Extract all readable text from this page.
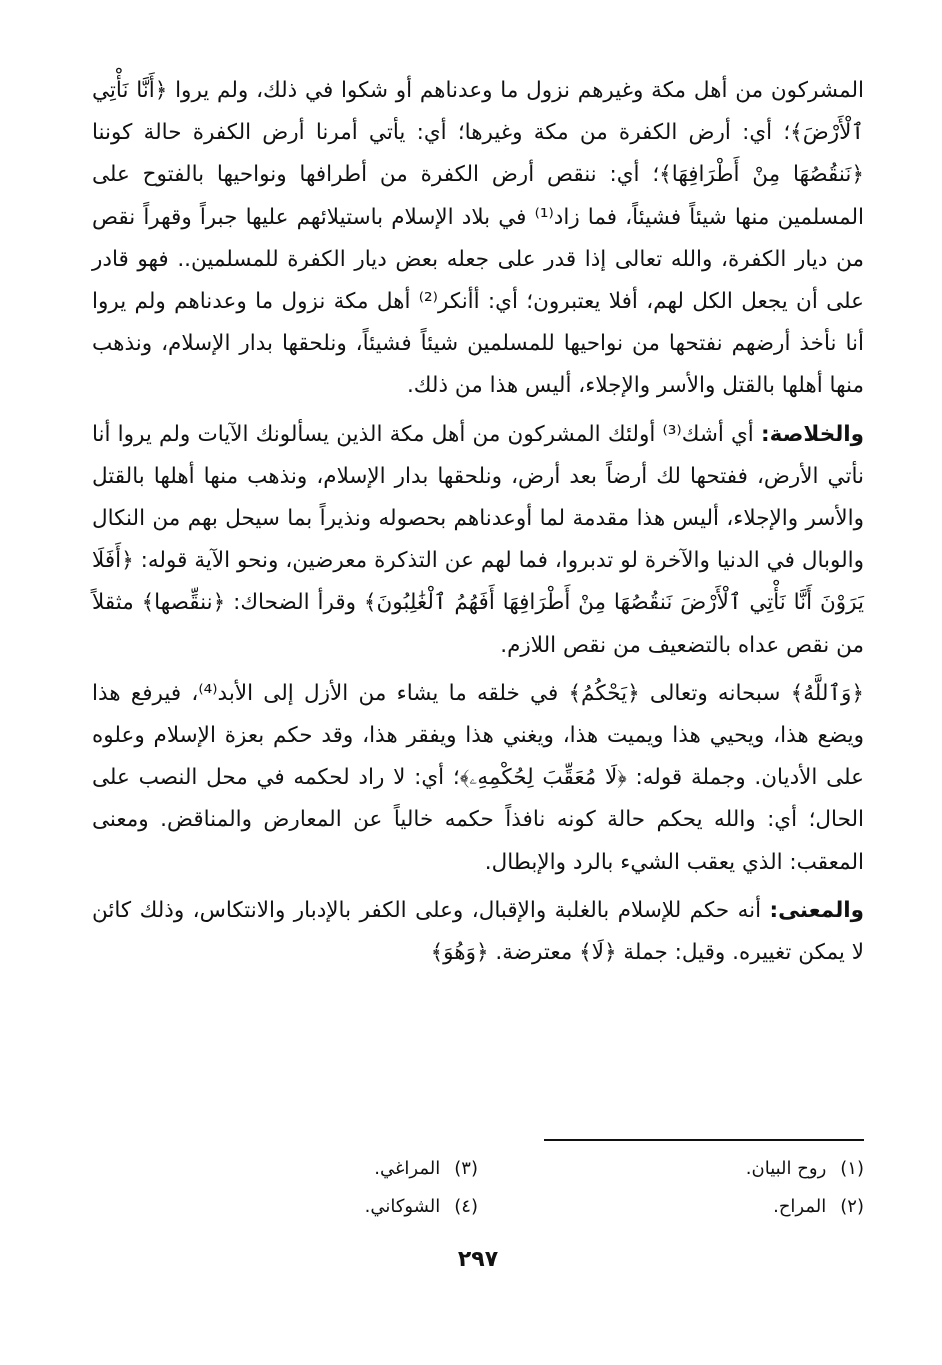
المشركون من أهل مكة وغيرهم نزول ما وعدناهم أو شكوا في ذلك، ولم يروا ﴿أَنَّا نَأْتِي ٱلْأَرْضَ﴾؛ أي: أرض الكفرة من مكة وغيرها؛ أي: يأتي أمرنا أرض الكفرة حالة كوننا ﴿نَنقُصُهَا مِنْ أَطْرَافِهَا﴾؛ أي: ننقص أرض الكفرة من أطرافها ونواحيها بالفتوح على المسلمين منها شيئاً فشيئاً، فما زاد⁽¹⁾ في بلاد الإسلام باستيلائهم عليها جبراً وقهراً نقص من ديار الكفرة، والله تعالى إذا قدر على جعله بعض ديار الكفرة للمسلمين.. فهو قادر على أن يجعل الكل لهم، أفلا يعتبرون؛ أي: أأنكر⁽²⁾ أهل مكة نزول ما وعدناهم ولم يروا أنا نأخذ أرضهم نفتحها من نواحيها للمسلمين شيئاً فشيئاً، ونلحقها بدار الإسلام، ونذهب منها أهلها بالقتل والأسر والإجلاء، أليس هذا من ذلك.

والخلاصة: أي أشك⁽³⁾ أولئك المشركون من أهل مكة الذين يسألونك الآيات ولم يروا أنا نأتي الأرض، ففتحها لك أرضاً بعد أرض، ونلحقها بدار الإسلام، ونذهب منها أهلها بالقتل والأسر والإجلاء، أليس هذا مقدمة لما أوعدناهم بحصوله ونذيراً بما سيحل بهم من النكال والوبال في الدنيا والآخرة لو تدبروا، فما لهم عن التذكرة معرضين، ونحو الآية قوله: ﴿أَفَلَا يَرَوْنَ أَنَّا نَأْتِي ٱلْأَرْضَ نَنقُصُهَا مِنْ أَطْرَافِهَا أَفَهُمُ ٱلْغَٰلِبُونَ﴾ وقرأ الضحاك: ﴿ننقِّصها﴾ مثقلاً من نقص عداه بالتضعيف من نقص اللازم.

﴿وَٱللَّهُ﴾ سبحانه وتعالى ﴿يَحْكُمُ﴾ في خلقه ما يشاء من الأزل إلى الأبد⁽⁴⁾، فيرفع هذا ويضع هذا، ويحيي هذا ويميت هذا، ويغني هذا ويفقر هذا، وقد حكم بعزة الإسلام وعلوه على الأديان. وجملة قوله: ﴿لَا مُعَقِّبَ لِحُكْمِهِۦ﴾؛ أي: لا راد لحكمه في محل النصب على الحال؛ أي: والله يحكم حالة كونه نافذاً حكمه خالياً عن المعارض والمناقض. ومعنى المعقب: الذي يعقب الشيء بالرد والإبطال.

والمعنى: أنه حكم للإسلام بالغلبة والإقبال، وعلى الكفر بالإدبار والانتكاس، وذلك كائن لا يمكن تغييره. وقيل: جملة ﴿لَا﴾ معترضة. ﴿وَهُوَ﴾

(١)روح البيان.
(٣)المراغي.
(٢)المراح.
(٤)الشوكاني.
٢٩٧
